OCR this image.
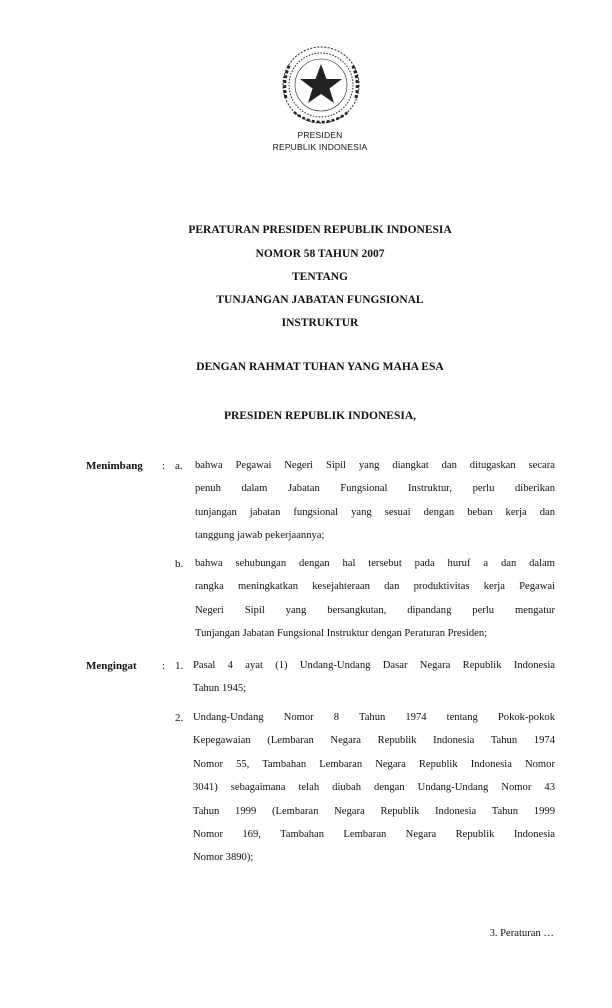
PRESIDEN
REPUBLIK INDONESIA
PERATURAN PRESIDEN REPUBLIK INDONESIA
NOMOR 58 TAHUN 2007
TENTANG
TUNJANGAN JABATAN FUNGSIONAL
INSTRUKTUR
DENGAN RAHMAT TUHAN YANG MAHA ESA
PRESIDEN REPUBLIK INDONESIA,
Menimbang : a. bahwa Pegawai Negeri Sipil yang diangkat dan ditugaskan secara
penuh dalam Jabatan Fungsional Instruktur, perlu diberikan
tunjangan jabatan fungsional yang sesuai dengan beban kerja dan
tanggung jawab pekerjaannya;
b. bahwa sehubungan dengan hal tersebut pada huruf a dan dalam
rangka meningkatkan kesejahteraan dan produktivitas kerja Pegawai
Negeri Sipil yang bersangkutan, dipandang perlu mengatur
Tunjangan Jabatan Fungsional Instruktur dengan Peraturan Presiden;
Mengingat : 1. Pasal 4 ayat (1) Undang-Undang Dasar Negara Republik Indonesia
Tahun 1945;
2. Undang-Undang Nomor 8 Tahun 1974 tentang Pokok-pokok
Kepegawaian (Lembaran Negara Republik Indonesia Tahun 1974
Nomor 55, Tambahan Lembaran Negara Republik Indonesia Nomor
3041) sebagaimana telah diubah dengan Undang-Undang Nomor 43
Tahun 1999 (Lembaran Negara Republik Indonesia Tahun 1999
Nomor 169, Tambahan Lembaran Negara Republik Indonesia
Nomor 3890);
3. Peraturan …
